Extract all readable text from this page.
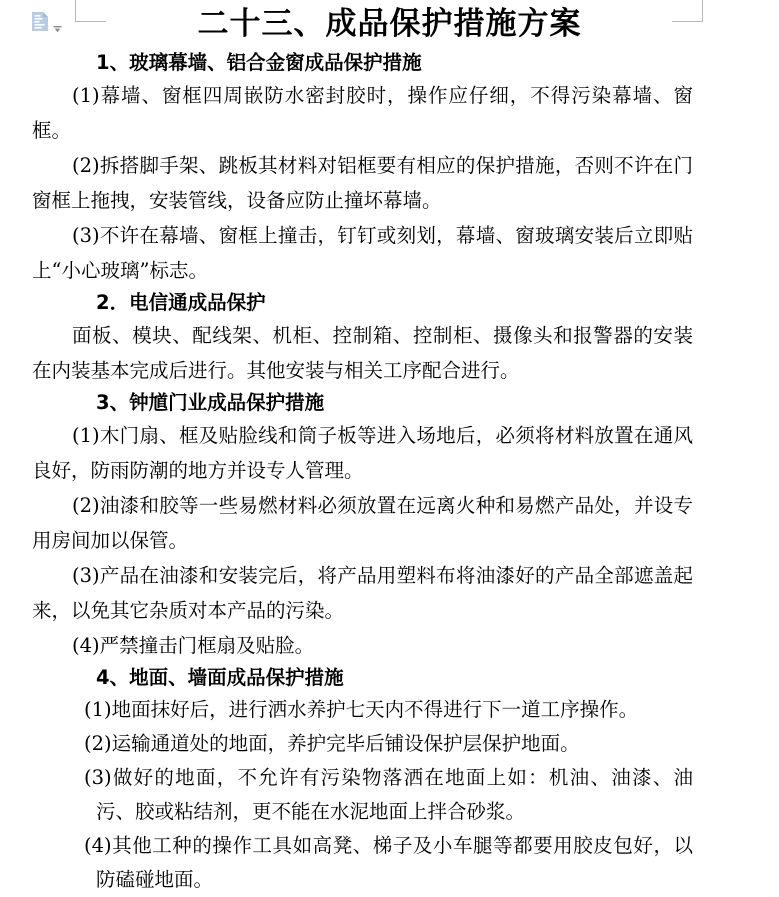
二十三、成品保护措施方案
1、玻璃幕墙、铝合金窗成品保护措施

(1)幕墙、窗框四周嵌防水密封胶时，操作应仔细，不得污染幕墙、窗框。

(2)拆搭脚手架、跳板其材料对铝框要有相应的保护措施，否则不许在门窗框上拖拽，安装管线，设备应防止撞坏幕墙。

(3)不许在幕墙、窗框上撞击，钉钉或刻划，幕墙、窗玻璃安装后立即贴上“小心玻璃”标志。

2．电信通成品保护

面板、模块、配线架、机柜、控制箱、控制柜、摄像头和报警器的安装在内装基本完成后进行。其他安装与相关工序配合进行。

3、钟馗门业成品保护措施

(1)木门扇、框及贴脸线和筒子板等进入场地后，必须将材料放置在通风良好，防雨防潮的地方并设专人管理。

(2)油漆和胶等一些易燃材料必须放置在远离火种和易燃产品处，并设专用房间加以保管。

(3)产品在油漆和安装完后，将产品用塑料布将油漆好的产品全部遮盖起来，以免其它杂质对本产品的污染。

(4)严禁撞击门框扇及贴脸。

4、地面、墙面成品保护措施

(1)地面抹好后，进行洒水养护七天内不得进行下一道工序操作。

(2)运输通道处的地面，养护完毕后铺设保护层保护地面。

(3)做好的地面，不允许有污染物落洒在地面上如：机油、油漆、油污、胶或粘结剂，更不能在水泥地面上拌合砂浆。

(4)其他工种的操作工具如高凳、梯子及小车腿等都要用胶皮包好，以防磕碰地面。
